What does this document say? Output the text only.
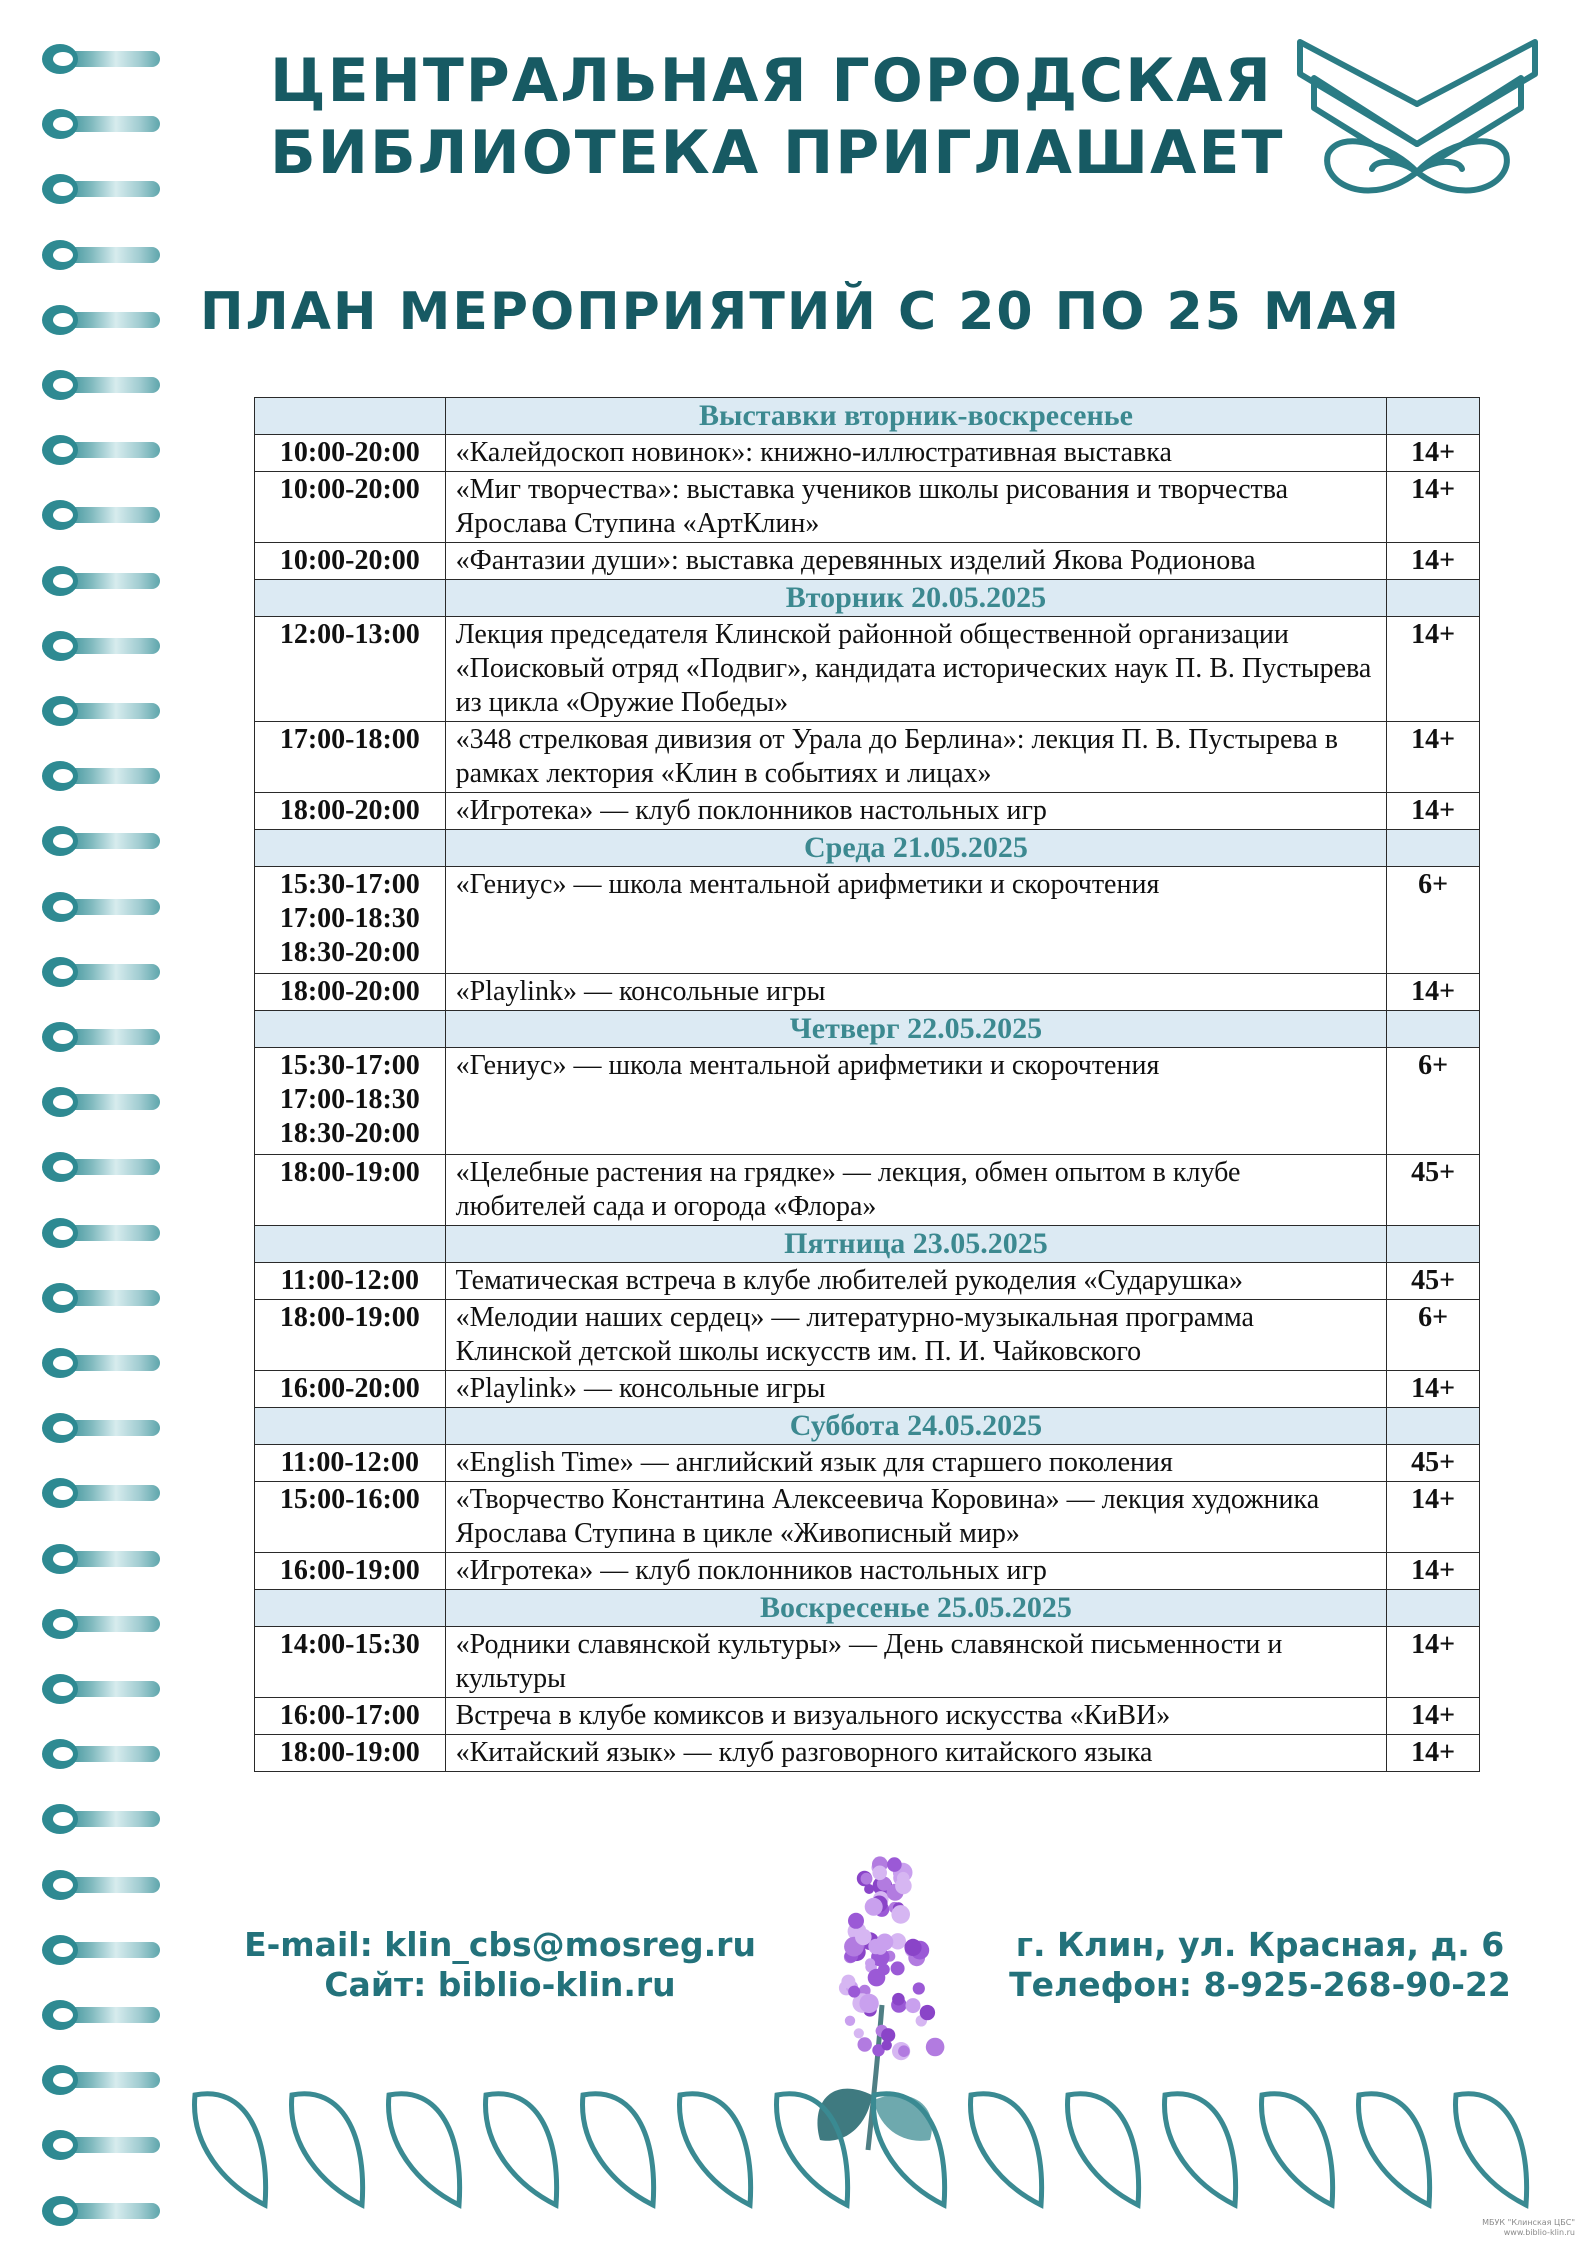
ЦЕНТРАЛЬНАЯ ГОРОДСКАЯ
БИБЛИОТЕКА ПРИГЛАШАЕТ
ПЛАН МЕРОПРИЯТИЙ С 20 ПО 25 МАЯ
	Выставки вторник-воскресенье	
10:00-20:00	«Калейдоскоп новинок»: книжно-иллюстративная выставка	14+
10:00-20:00	«Миг творчества»: выставка учеников школы рисования и творчества Ярослава Ступина «АртКлин»	14+
10:00-20:00	«Фантазии души»: выставка деревянных изделий Якова Родионова	14+
	Вторник 20.05.2025	
12:00-13:00	Лекция председателя Клинской районной общественной организации «Поисковый отряд «Подвиг», кандидата исторических наук П. В. Пустырева из цикла «Оружие Победы»	14+
17:00-18:00	«348 стрелковая дивизия от Урала до Берлина»: лекция П. В. Пустырева в рамках лектория «Клин в событиях и лицах»	14+
18:00-20:00	«Игротека» — клуб поклонников настольных игр	14+
	Среда 21.05.2025	

15:30-17:00
17:00-18:30
18:30-20:00	«Гениус» — школа ментальной арифметики и скорочтения	6+
18:00-20:00	«Playlink» — консольные игры	14+
	Четверг 22.05.2025	

15:30-17:00
17:00-18:30
18:30-20:00	«Гениус» — школа ментальной арифметики и скорочтения	6+
18:00-19:00	«Целебные растения на грядке» — лекция, обмен опытом в клубе любителей сада и огорода «Флора»	45+
	Пятница 23.05.2025	
11:00-12:00	Тематическая встреча в клубе любителей рукоделия «Сударушка»	45+
18:00-19:00	«Мелодии наших сердец» — литературно-музыкальная программа Клинской детской школы искусств им. П. И. Чайковского	6+
16:00-20:00	«Playlink» — консольные игры	14+
	Суббота 24.05.2025	
11:00-12:00	«English Time» — английский язык для старшего поколения	45+
15:00-16:00	«Творчество Константина Алексеевича Коровина» — лекция художника Ярослава Ступина в цикле «Живописный мир»	14+
16:00-19:00	«Игротека» — клуб поклонников настольных игр	14+
	Воскресенье 25.05.2025	
14:00-15:30	«Родники славянской культуры» — День славянской письменности и культуры	14+
16:00-17:00	Встреча в клубе комиксов и визуального искусства «КиВИ»	14+
18:00-19:00	«Китайский язык» — клуб разговорного китайского языка	14+
E-mail: klin_cbs@mosreg.ru
Сайт: biblio-klin.ru
г. Клин, ул. Красная, д. 6
Телефон: 8-925-268-90-22
МБУК "Клинская ЦБС"
www.biblio-klin.ru
